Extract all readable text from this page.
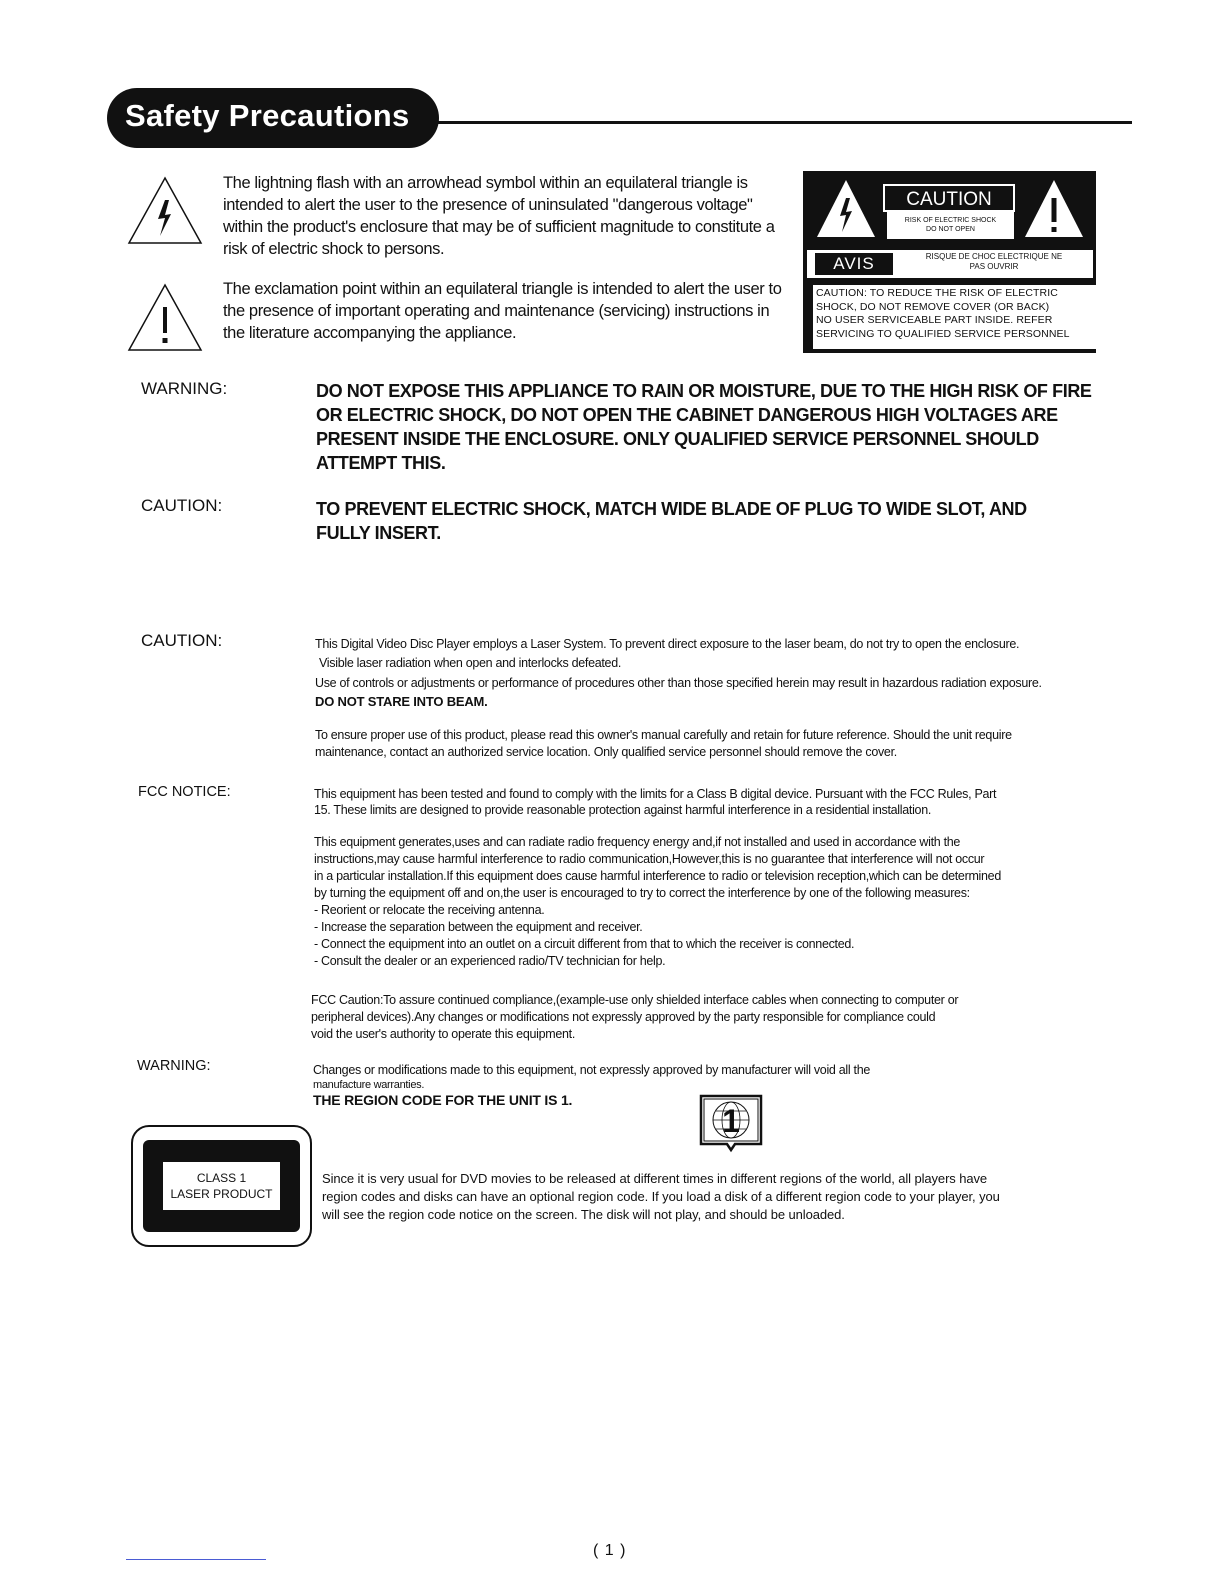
Safety Precautions
The lightning flash with an arrowhead symbol within an equilateral triangle is intended to alert the user to the presence of uninsulated "dangerous voltage" within the product's enclosure that may be of sufficient magnitude to constitute a risk of electric shock to persons.
The exclamation point within an equilateral triangle is intended to alert the user to the presence of important operating and maintenance (servicing) instructions in the literature accompanying the appliance.
CAUTION
RISK OF ELECTRIC SHOCK
DO NOT OPEN
AVIS	RISQUE DE CHOC ELECTRIQUE NE
PAS OUVRIR
CAUTION: TO REDUCE THE RISK OF ELECTRIC
SHOCK, DO NOT REMOVE COVER (OR BACK)
NO USER SERVICEABLE PART INSIDE. REFER
SERVICING TO QUALIFIED SERVICE PERSONNEL
WARNING:	DO NOT EXPOSE THIS APPLIANCE TO RAIN OR MOISTURE, DUE TO THE HIGH RISK OF FIRE
OR ELECTRIC SHOCK, DO NOT OPEN THE CABINET DANGEROUS HIGH VOLTAGES ARE
PRESENT INSIDE THE ENCLOSURE. ONLY QUALIFIED SERVICE PERSONNEL SHOULD
ATTEMPT THIS.
CAUTION:	TO PREVENT ELECTRIC SHOCK, MATCH WIDE BLADE OF PLUG TO WIDE SLOT, AND
FULLY INSERT.
CAUTION:	This Digital Video Disc Player employs a Laser System. To prevent direct exposure to the laser beam, do not try to open the enclosure.
Visible laser radiation when open and interlocks defeated.
Use of controls or adjustments or performance of procedures other than those specified herein may result in hazardous radiation exposure.
DO NOT STARE INTO BEAM.
To ensure proper use of this product, please read this owner's manual carefully and retain for future reference. Should the unit require
maintenance, contact an authorized service location. Only qualified service personnel should remove the cover.
FCC NOTICE:	This equipment has been tested and found to comply with the limits for a Class B digital device. Pursuant with the FCC Rules, Part
15. These limits are designed to provide reasonable protection against harmful interference in a residential installation.
This equipment generates,uses and can radiate radio frequency energy and,if not installed and used in accordance with the
instructions,may cause harmful interference to radio communication,However,this is no guarantee that interference will not occur
in a particular installation.If this equipment does cause harmful interference to radio or television reception,which can be determined
by turning the equipment off and on,the user is encouraged to try to correct the interference by one of the following measures:
- Reorient or relocate the receiving antenna.
- Increase the separation between the equipment and receiver.
- Connect the equipment into an outlet on a circuit different from that to which the receiver is connected.
- Consult the dealer or an experienced radio/TV technician for help.
FCC Caution:To assure continued compliance,(example-use only shielded interface cables when connecting to computer or
peripheral devices).Any changes or modifications not expressly approved by the party responsible for compliance could
void the user's authority to operate this equipment.
WARNING:	Changes or modifications made to this equipment, not expressly approved by manufacturer will void all the
manufacture warranties.
THE REGION CODE FOR THE UNIT IS 1.
1
CLASS 1
LASER PRODUCT
Since it is very usual for DVD movies to be released at different times in different regions of the world, all players have
region codes and disks can have an optional region code. If you load a disk of a different region code to your player, you
will see the region code notice on the screen. The disk will not play, and should be unloaded.
( 1 )
